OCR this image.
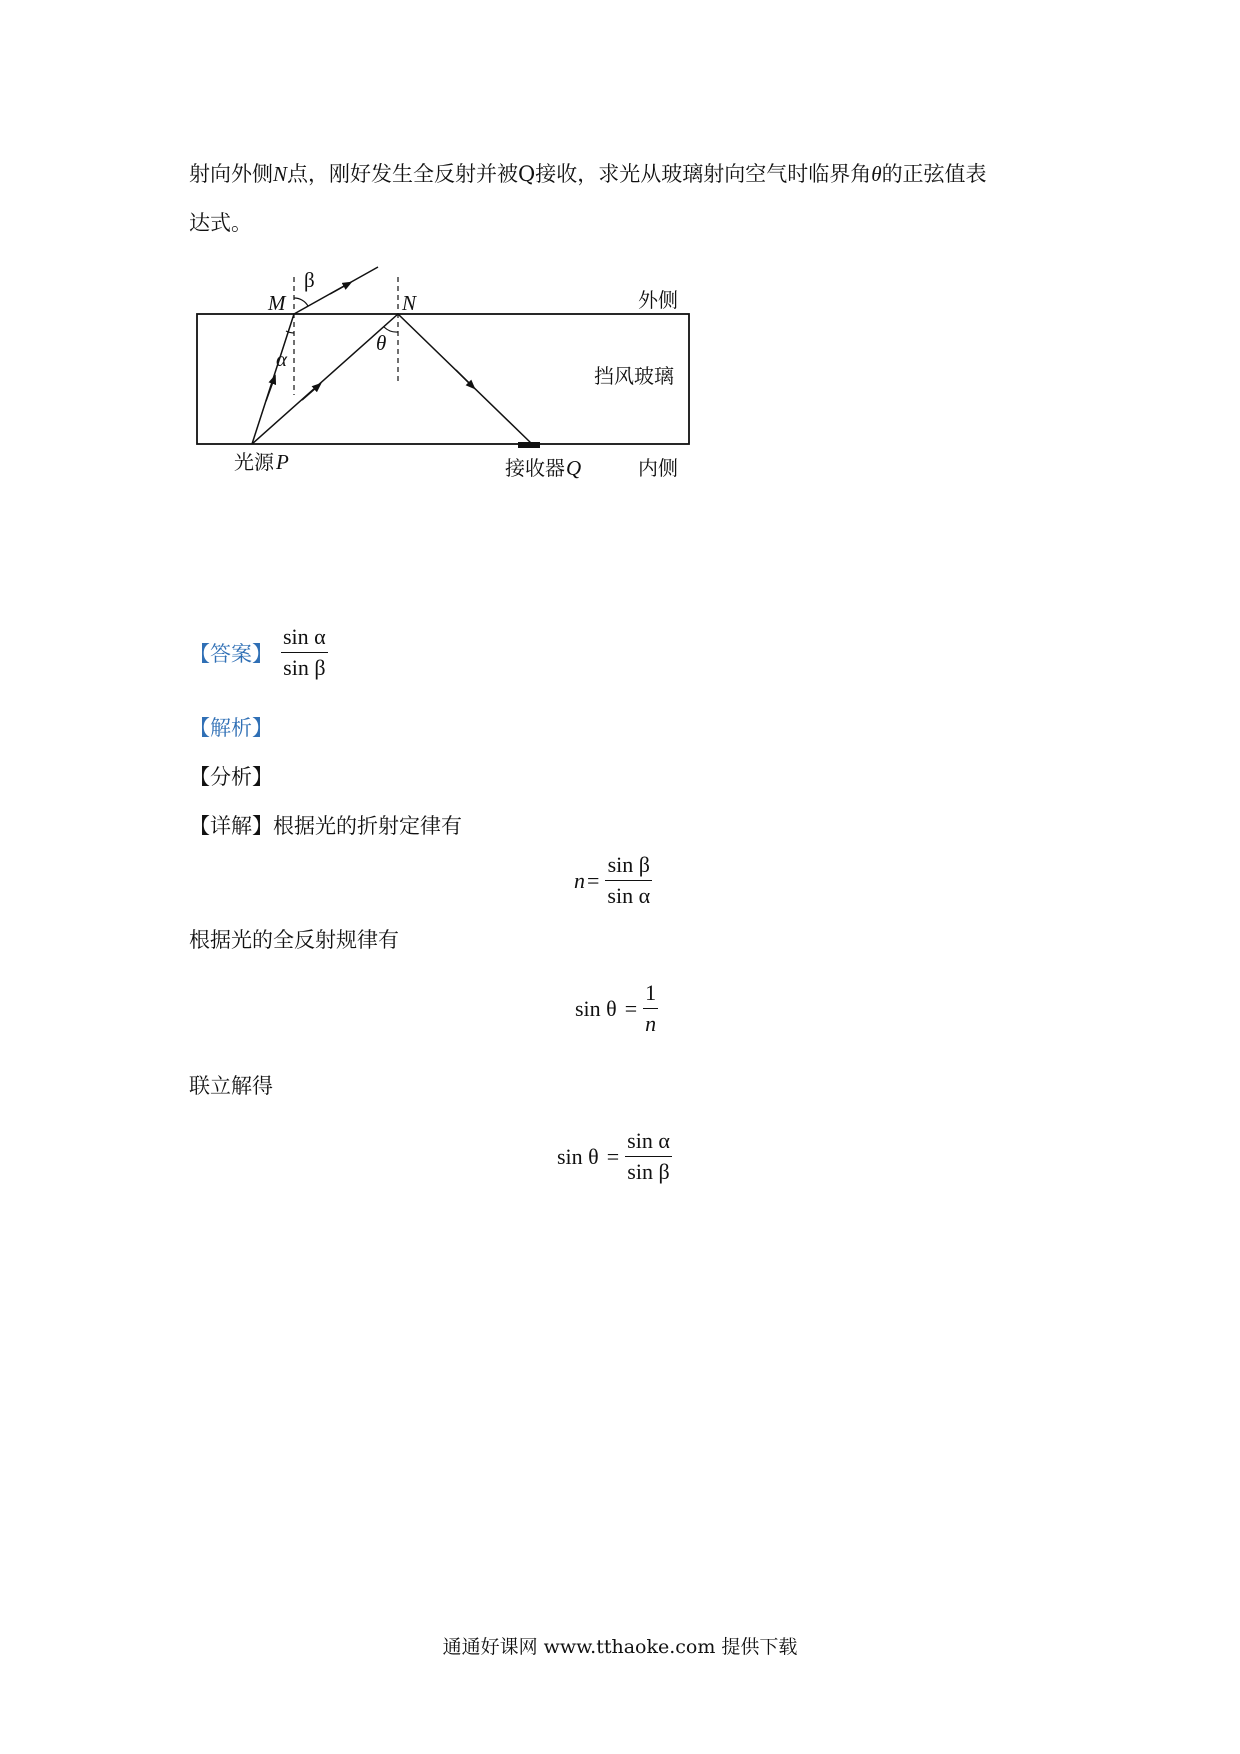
射向外侧N点，刚好发生全反射并被Q接收，求光从玻璃射向空气时临界角θ的正弦值表
达式。
M	N
β
α
θ
外侧
挡风玻璃
内侧
光源 P	接收器 Q
【答案】 $\frac{\text{sin α}}{\text{sin β}}$
【解析】
【分析】
【详解】根据光的折射定律有
$n = \frac{\text{sin β}}{\text{sin α}}$
根据光的全反射规律有
$\sin \theta = \frac{1}{n}$
联立解得
$\sin \theta = \frac{\text{sin α}}{\text{sin β}}$
通通好课网 www.tthaoke.com 提供下载
